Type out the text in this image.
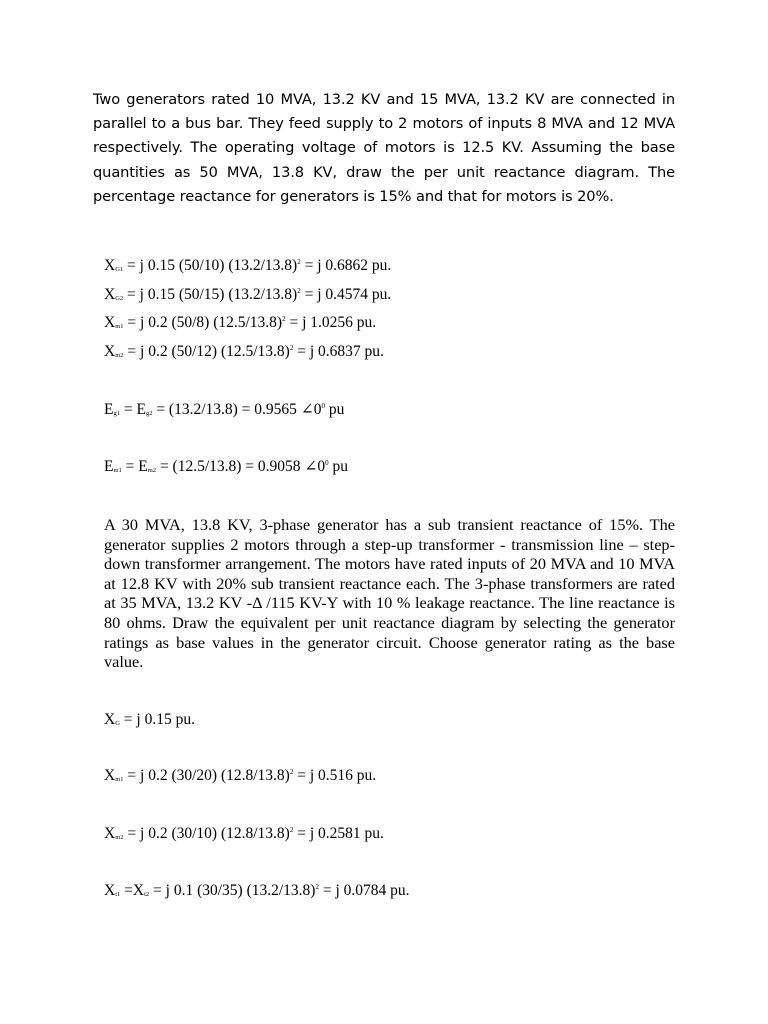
Two generators rated 10 MVA, 13.2 KV and 15 MVA, 13.2 KV are connected in parallel to a bus bar. They feed supply to 2 motors of inputs 8 MVA and 12 MVA respectively. The operating voltage of motors is 12.5 KV. Assuming the base quantities as 50 MVA, 13.8 KV, draw the per unit reactance diagram. The percentage reactance for generators is 15% and that for motors is 20%.
$X_{G1} = j$ 0.15 (50/10) $(13.2/13.8)^2 = j$ 0.6862 pu.
$X_{G2} = j$ 0.15 (50/15) $(13.2/13.8)^2 = j$ 0.4574 pu.
$X_{m1} = j$ 0.2 (50/8) $(12.5/13.8)^2 = j$ 1.0256 pu.
$X_{m2} = j$ 0.2 (50/12) $(12.5/13.8)^2 = j$ 0.6837 pu.
$E_{g1} = E_{g2} = (13.2/13.8) = 0.9565$ $\angle 0^0$ pu
$E_{m1} = E_{m2} = (12.5/13.8) = 0.9058$ $\angle 0^0$ pu
A 30 MVA, 13.8 KV, 3-phase generator has a sub transient reactance of 15%. The generator supplies 2 motors through a step-up transformer - transmission line – step-down transformer arrangement. The motors have rated inputs of 20 MVA and 10 MVA at 12.8 KV with 20% sub transient reactance each. The 3-phase transformers are rated at 35 MVA, 13.2 KV -Δ /115 KV-Y with 10 % leakage reactance. The line reactance is 80 ohms. Draw the equivalent per unit reactance diagram by selecting the generator ratings as base values in the generator circuit. Choose generator rating as the base value.
$X_G = j$ 0.15 pu.
$X_{m1} = j$ 0.2 (30/20) $(12.8/13.8)^2 = j$ 0.516 pu.
$X_{m2} = j$ 0.2 (30/10) $(12.8/13.8)^2 = j$ 0.2581 pu.
$X_{t1} =X_{t2} = j$ 0.1 (30/35) $(13.2/13.8)^2 = j$ 0.0784 pu.
